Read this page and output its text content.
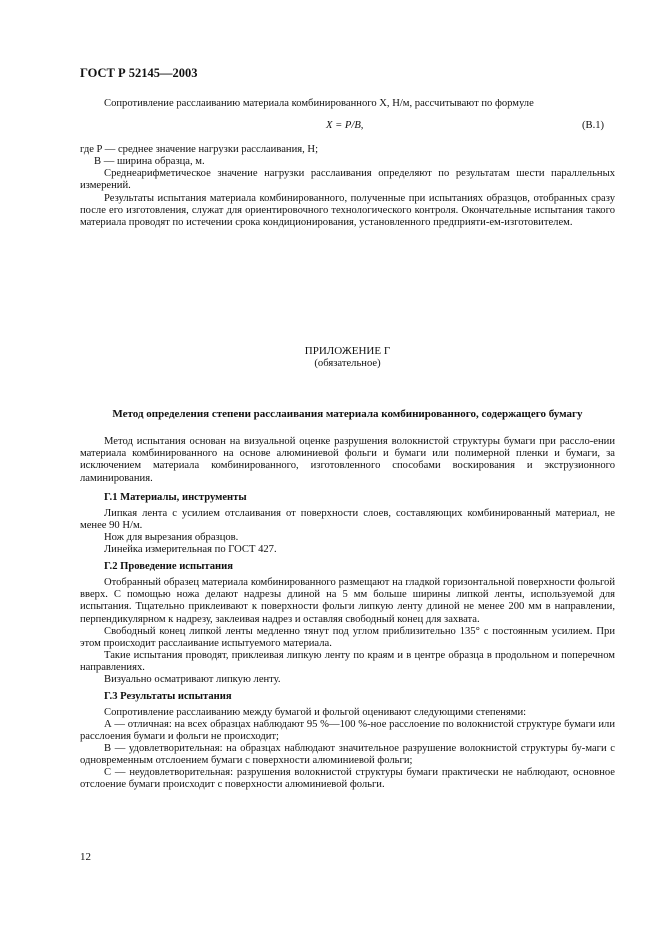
ГОСТ Р 52145—2003

Сопротивление расслаиванию материала комбинированного X, Н/м, рассчитывают по формуле

X = P/B,	(В.1)

где P — среднее значение нагрузки расслаивания, Н;

B — ширина образца, м.

Среднеарифметическое значение нагрузки расслаивания определяют по результатам шести параллельных измерений.

Результаты испытания материала комбинированного, полученные при испытаниях образцов, отобранных сразу после его изготовления, служат для ориентировочного технологического контроля. Окончательные испытания такого материала проводят по истечении срока кондиционирования, установленного предприяти-ем-изготовителем.

ПРИЛОЖЕНИЕ Г

(обязательное)

Метод определения степени расслаивания материала комбинированного, содержащего бумагу

Метод испытания основан на визуальной оценке разрушения волокнистой структуры бумаги при рассло-ении материала комбинированного на основе алюминиевой фольги и бумаги или полимерной пленки и бумаги, за исключением материала комбинированного, изготовленного способами воскирования и экструзионного ламинирования.

Г.1 Материалы, инструменты

Липкая лента с усилием отслаивания от поверхности слоев, составляющих комбинированный материал, не менее 90 Н/м.

Нож для вырезания образцов.

Линейка измерительная по ГОСТ 427.

Г.2 Проведение испытания

Отобранный образец материала комбинированного размещают на гладкой горизонтальной поверхности фольгой вверх. С помощью ножа делают надрезы длиной на 5 мм больше ширины липкой ленты, используемой для испытания. Тщательно приклеивают к поверхности фольги липкую ленту длиной не менее 200 мм в направлении, перпендикулярном к надрезу, заклеивая надрез и оставляя свободный конец для захвата.

Свободный конец липкой ленты медленно тянут под углом приблизительно 135° с постоянным усилием. При этом происходит расслаивание испытуемого материала.

Такие испытания проводят, приклеивая липкую ленту по краям и в центре образца в продольном и поперечном направлениях.

Визуально осматривают липкую ленту.

Г.3 Результаты испытания

Сопротивление расслаиванию между бумагой и фольгой оценивают следующими степенями:

А — отличная: на всех образцах наблюдают 95 %—100 %-ное расслоение по волокнистой структуре бумаги или расслоения бумаги и фольги не происходит;

В — удовлетворительная: на образцах наблюдают значительное разрушение волокнистой структуры бу-маги с одновременным отслоением бумаги с поверхности алюминиевой фольги;

С — неудовлетворительная: разрушения волокнистой структуры бумаги практически не наблюдают, основное отслоение бумаги происходит с поверхности алюминиевой фольги.

12
